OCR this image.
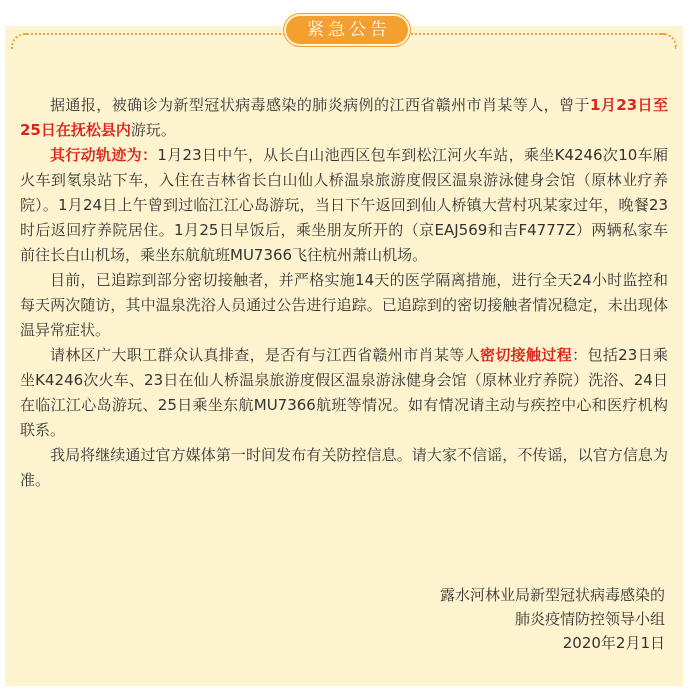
紧急公告

据通报，被确诊为新型冠状病毒感染的肺炎病例的江西省赣州市肖某等人，曾于1月23日至25日在抚松县内游玩。

其行动轨迹为：1月23日中午，从长白山池西区包车到松江河火车站，乘坐K4246次10车厢火车到氡泉站下车，入住在吉林省长白山仙人桥温泉旅游度假区温泉游泳健身会馆（原林业疗养院）。1月24日上午曾到过临江江心岛游玩，当日下午返回到仙人桥镇大营村巩某家过年，晚餐23时后返回疗养院居住。1月25日早饭后，乘坐朋友所开的（京EAJ569和吉F4777Z）两辆私家车前往长白山机场，乘坐东航航班MU7366飞往杭州萧山机场。

目前，已追踪到部分密切接触者，并严格实施14天的医学隔离措施，进行全天24小时监控和每天两次随访，其中温泉洗浴人员通过公告进行追踪。已追踪到的密切接触者情况稳定，未出现体温异常症状。

请林区广大职工群众认真排查，是否有与江西省赣州市肖某等人密切接触过程：包括23日乘坐K4246次火车、23日在仙人桥温泉旅游度假区温泉游泳健身会馆（原林业疗养院）洗浴、24日在临江江心岛游玩、25日乘坐东航MU7366航班等情况。如有情况请主动与疾控中心和医疗机构联系。

我局将继续通过官方媒体第一时间发布有关防控信息。请大家不信谣，不传谣，以官方信息为准。

露水河林业局新型冠状病毒感染的
肺炎疫情防控领导小组
2020年2月1日
